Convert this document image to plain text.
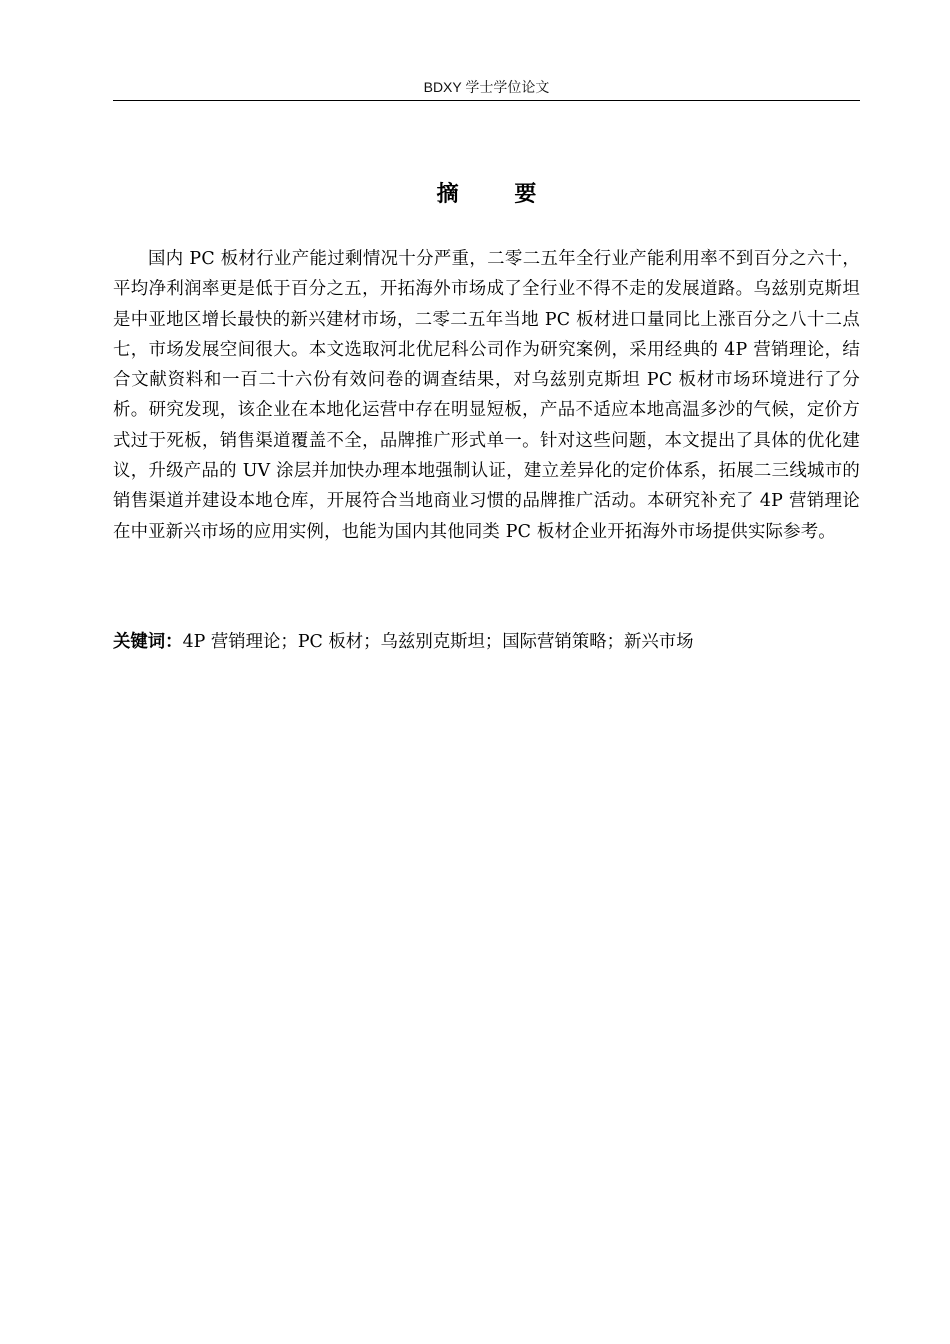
BDXY 学士学位论文
摘 要

国内 PC 板材行业产能过剩情况十分严重，二零二五年全行业产能利用率不到百分之六十，平均净利润率更是低于百分之五，开拓海外市场成了全行业不得不走的发展道路。乌兹别克斯坦是中亚地区增长最快的新兴建材市场，二零二五年当地 PC 板材进口量同比上涨百分之八十二点七，市场发展空间很大。本文选取河北优尼科公司作为研究案例，采用经典的 4P 营销理论，结合文献资料和一百二十六份有效问卷的调查结果，对乌兹别克斯坦 PC 板材市场环境进行了分析。研究发现，该企业在本地化运营中存在明显短板，产品不适应本地高温多沙的气候，定价方式过于死板，销售渠道覆盖不全，品牌推广形式单一。针对这些问题，本文提出了具体的优化建议，升级产品的 UV 涂层并加快办理本地强制认证，建立差异化的定价体系，拓展二三线城市的销售渠道并建设本地仓库，开展符合当地商业习惯的品牌推广活动。本研究补充了 4P 营销理论在中亚新兴市场的应用实例，也能为国内其他同类 PC 板材企业开拓海外市场提供实际参考。

关键词：4P 营销理论；PC 板材；乌兹别克斯坦；国际营销策略；新兴市场
